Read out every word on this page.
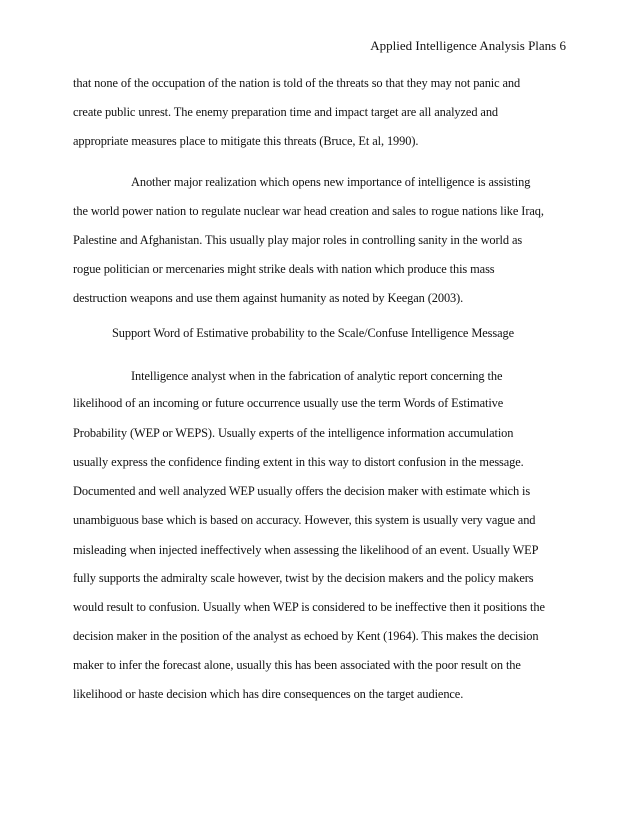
Applied Intelligence Analysis Plans 6
that none of the occupation of the nation is told of the threats so that they may not panic and
create public unrest. The enemy preparation time and impact target are all analyzed and
appropriate measures place to mitigate this threats (Bruce, Et al, 1990).
Another major realization which opens new importance of intelligence is assisting
the world power nation to regulate nuclear war head creation and sales to rogue nations like Iraq,
Palestine and Afghanistan. This usually play major roles in controlling sanity in the world as
rogue politician or mercenaries might strike deals with nation which produce this mass
destruction weapons and use them against humanity as noted by Keegan (2003).
Support Word of Estimative probability to the Scale/Confuse Intelligence Message
Intelligence analyst when in the fabrication of analytic report concerning the
likelihood of an incoming or future occurrence usually use the term Words of Estimative
Probability (WEP or WEPS). Usually experts of the intelligence information accumulation
usually express the confidence finding extent in this way to distort confusion in the message.
Documented and well analyzed WEP usually offers the decision maker with estimate which is
unambiguous base which is based on accuracy. However, this system is usually very vague and
misleading when injected ineffectively when assessing the likelihood of an event. Usually WEP
fully supports the admiralty scale however, twist by the decision makers and the policy makers
would result to confusion. Usually when WEP is considered to be ineffective then it positions the
decision maker in the position of the analyst as echoed by Kent (1964). This makes the decision
maker to infer the forecast alone, usually this has been associated with the poor result on the
likelihood or haste decision which has dire consequences on the target audience.
